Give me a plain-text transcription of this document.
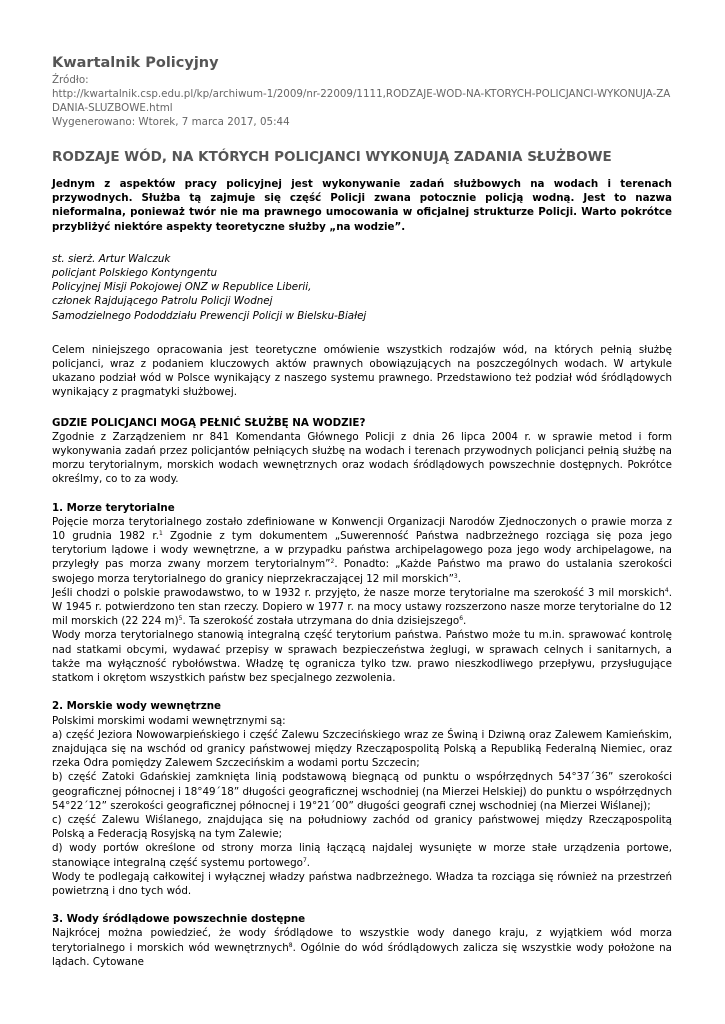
Kwartalnik Policyjny
Źródło:
http://kwartalnik.csp.edu.pl/kp/archiwum-1/2009/nr-22009/1111,RODZAJE-WOD-NA-KTORYCH-POLICJANCI-WYKONUJA-ZADANIA-SLUZBOWE.html
Wygenerowano: Wtorek, 7 marca 2017, 05:44
RODZAJE WÓD, NA KTÓRYCH POLICJANCI WYKONUJĄ ZADANIA SŁUŻBOWE

Jednym z aspektów pracy policyjnej jest wykonywanie zadań służbowych na wodach i terenach przywodnych. Służba tą zajmuje się część Policji zwana potocznie policją wodną. Jest to nazwa nieformalna, ponieważ twór nie ma prawnego umocowania w oficjalnej strukturze Policji. Warto pokrótce przybliżyć niektóre aspekty teoretyczne służby „na wodzie”.

st. sierż. Artur Walczuk
policjant Polskiego Kontyngentu
Policyjnej Misji Pokojowej ONZ w Republice Liberii,
członek Rajdującego Patrolu Policji Wodnej
Samodzielnego Pododdziału Prewencji Policji w Bielsku-Białej

Celem niniejszego opracowania jest teoretyczne omówienie wszystkich rodzajów wód, na których pełnią służbę policjanci, wraz z podaniem kluczowych aktów prawnych obowiązujących na poszczególnych wodach. W artykule ukazano podział wód w Polsce wynikający z naszego systemu prawnego. Przedstawiono też podział wód śródlądowych wynikający z pragmatyki służbowej.

GDZIE POLICJANCI MOGĄ PEŁNIĆ SŁUŻBĘ NA WODZIE?

Zgodnie z Zarządzeniem nr 841 Komendanta Głównego Policji z dnia 26 lipca 2004 r. w sprawie metod i form wykonywania zadań przez policjantów pełniących służbę na wodach i terenach przywodnych policjanci pełnią służbę na morzu terytorialnym, morskich wodach wewnętrznych oraz wodach śródlądowych powszechnie dostępnych. Pokrótce określmy, co to za wody.

1. Morze terytorialne

Pojęcie morza terytorialnego zostało zdefiniowane w Konwencji Organizacji Narodów Zjednoczonych o prawie morza z 10 grudnia 1982 r.$^1$ Zgodnie z tym dokumentem „Suwerenność Państwa nadbrzeżnego rozciąga się poza jego terytorium lądowe i wody wewnętrzne, a w przypadku państwa archipelagowego poza jego wody archipelagowe, na przyległy pas morza zwany morzem terytorialnym”$^2$. Ponadto: „Każde Państwo ma prawo do ustalania szerokości swojego morza terytorialnego do granicy nieprzekraczającej 12 mil morskich”$^3$.

Jeśli chodzi o polskie prawodawstwo, to w 1932 r. przyjęto, że nasze morze terytorialne ma szerokość 3 mil morskich$^4$. W 1945 r. potwierdzono ten stan rzeczy. Dopiero w 1977 r. na mocy ustawy rozszerzono nasze morze terytorialne do 12 mil morskich (22 224 m)$^5$. Ta szerokość została utrzymana do dnia dzisiejszego$^6$.

Wody morza terytorialnego stanowią integralną część terytorium państwa. Państwo może tu m.in. sprawować kontrolę nad statkami obcymi, wydawać przepisy w sprawach bezpieczeństwa żeglugi, w sprawach celnych i sanitarnych, a także ma wyłączność rybołówstwa. Władzę tę ogranicza tylko tzw. prawo nieszkodliwego przepływu, przysługujące statkom i okrętom wszystkich państw bez specjalnego zezwolenia.

2. Morskie wody wewnętrzne

Polskimi morskimi wodami wewnętrznymi są:

a) część Jeziora Nowowarpieńskiego i część Zalewu Szczecińskiego wraz ze Świną i Dziwną oraz Zalewem Kamieńskim, znajdująca się na wschód od granicy państwowej między Rzecząpospolitą Polską a Republiką Federalną Niemiec, oraz rzeka Odra pomiędzy Zalewem Szczecińskim a wodami portu Szczecin;

b) część Zatoki Gdańskiej zamknięta linią podstawową biegnącą od punktu o współrzędnych 54°37´36” szerokości geograficznej północnej i 18°49´18” długości geograficznej wschodniej (na Mierzei Helskiej) do punktu o współrzędnych 54°22´12” szerokości geograficznej północnej i 19°21´00” długości geografi cznej wschodniej (na Mierzei Wiślanej);

c) część Zalewu Wiślanego, znajdująca się na południowy zachód od granicy państwowej między Rzecząpospolitą Polską a Federacją Rosyjską na tym Zalewie;

d) wody portów określone od strony morza linią łączącą najdalej wysunięte w morze stałe urządzenia portowe, stanowiące integralną część systemu portowego$^7$.

Wody te podlegają całkowitej i wyłącznej władzy państwa nadbrzeżnego. Władza ta rozciąga się również na przestrzeń powietrzną i dno tych wód.

3. Wody śródlądowe powszechnie dostępne

Najkrócej można powiedzieć, że wody śródlądowe to wszystkie wody danego kraju, z wyjątkiem wód morza terytorialnego i morskich wód wewnętrznych$^8$. Ogólnie do wód śródlądowych zalicza się wszystkie wody położone na lądach. Cytowane
